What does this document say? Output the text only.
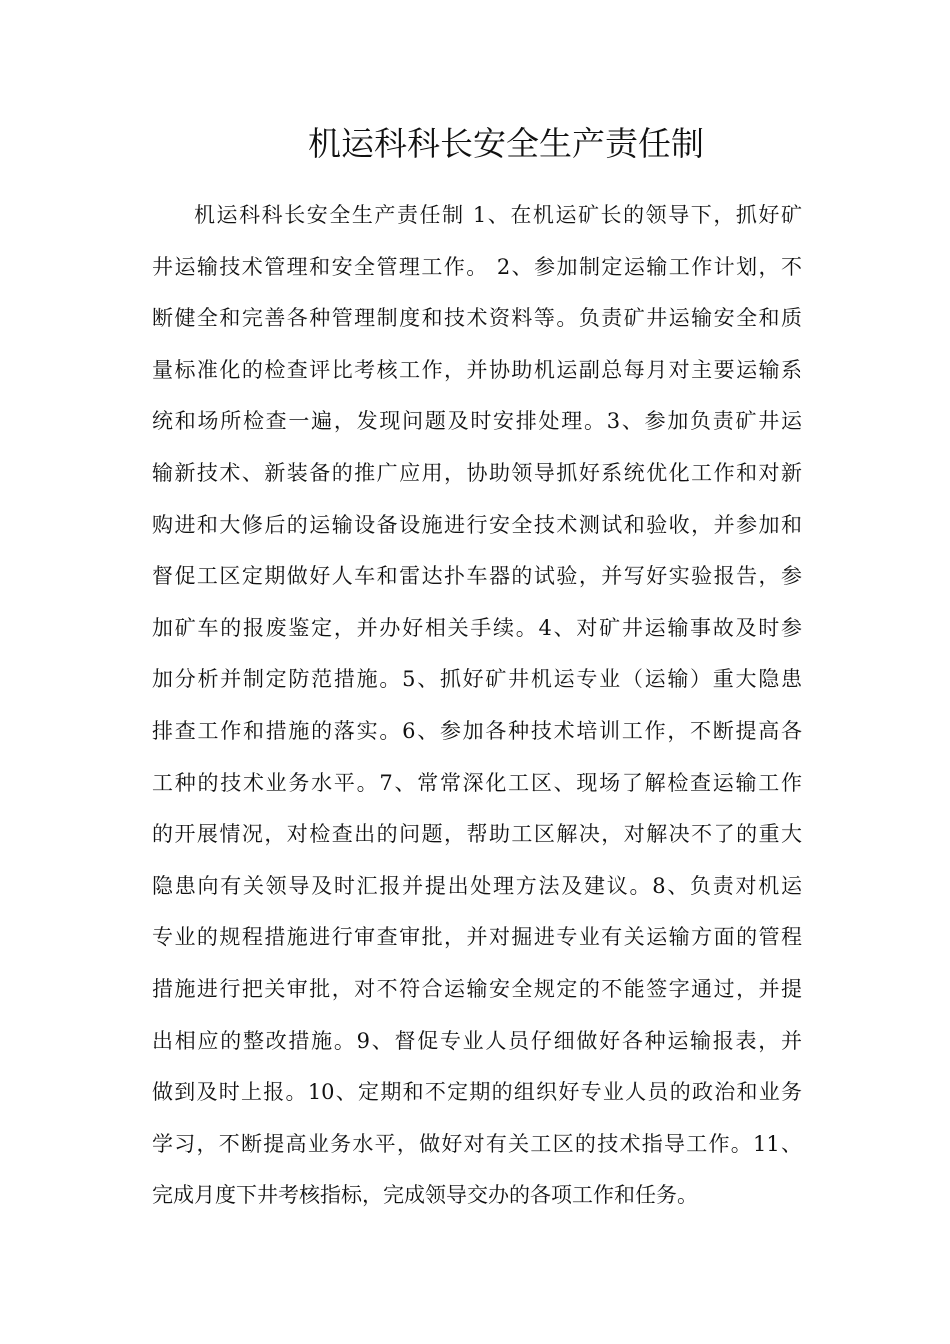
机运科科长安全生产责任制
机运科科长安全生产责任制 1、在机运矿长的领导下，抓好矿
井运输技术管理和安全管理工作。 2、参加制定运输工作计划，不
断健全和完善各种管理制度和技术资料等。负责矿井运输安全和质
量标准化的检查评比考核工作，并协助机运副总每月对主要运输系
统和场所检查一遍，发现问题及时安排处理。3、参加负责矿井运
输新技术、新装备的推广应用，协助领导抓好系统优化工作和对新
购进和大修后的运输设备设施进行安全技术测试和验收，并参加和
督促工区定期做好人车和雷达扑车器的试验，并写好实验报告，参
加矿车的报废鉴定，并办好相关手续。4、对矿井运输事故及时参
加分析并制定防范措施。5、抓好矿井机运专业（运输）重大隐患
排查工作和措施的落实。6、参加各种技术培训工作，不断提高各
工种的技术业务水平。7、常常深化工区、现场了解检查运输工作
的开展情况，对检查出的问题，帮助工区解决，对解决不了的重大
隐患向有关领导及时汇报并提出处理方法及建议。8、负责对机运
专业的规程措施进行审查审批，并对掘进专业有关运输方面的管程
措施进行把关审批，对不符合运输安全规定的不能签字通过，并提
出相应的整改措施。9、督促专业人员仔细做好各种运输报表，并
做到及时上报。10、定期和不定期的组织好专业人员的政治和业务
学习，不断提高业务水平，做好对有关工区的技术指导工作。11、
完成月度下井考核指标，完成领导交办的各项工作和任务。
